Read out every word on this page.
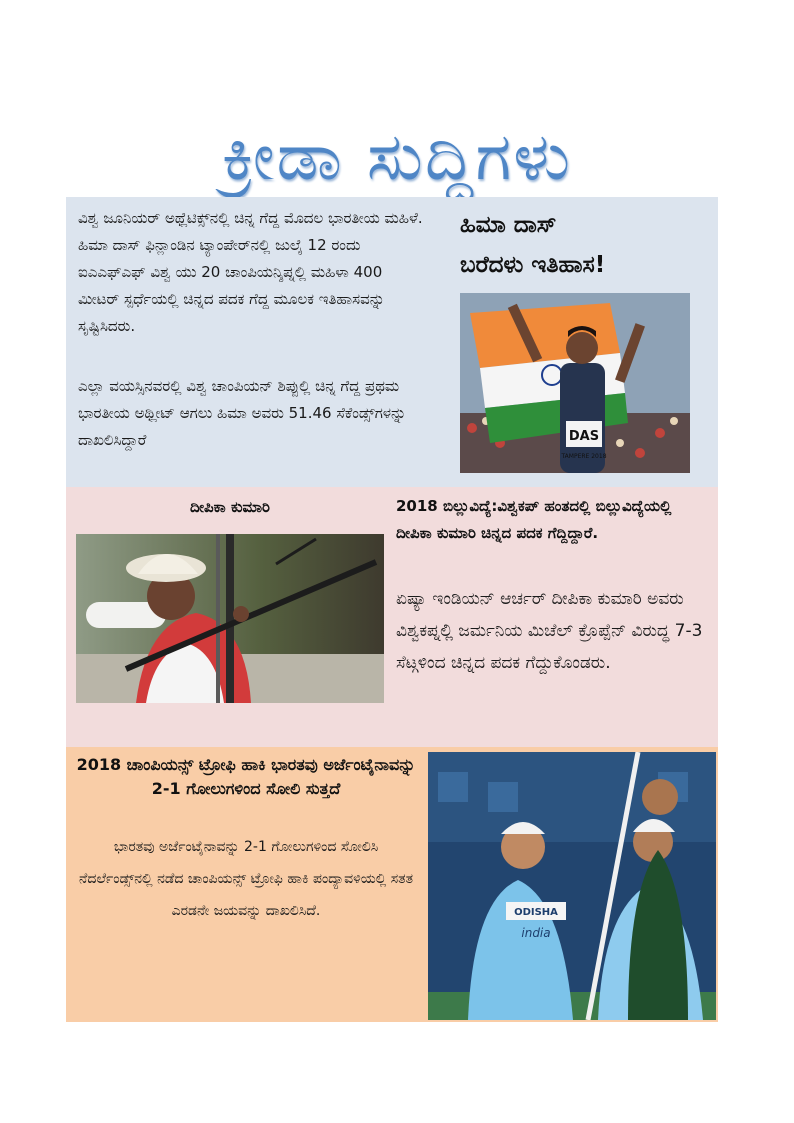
ಕ್ರೀಡಾ ಸುದ್ದಿಗಳು
ವಿಶ್ವ ಜೂನಿಯರ್ ಅಥ್ಲೆಟಿಕ್ಸ್‌ನಲ್ಲಿ ಚಿನ್ನ ಗೆದ್ದ ಮೊದಲ ಭಾರತೀಯ ಮಹಿಳೆ. ಹಿಮಾ ದಾಸ್ ಫಿನ್ಲಾಂಡಿನ ಟ್ಯಾಂಪೇರ್‌ನಲ್ಲಿ ಜುಲೈ 12 ರಂದು ಐಎಎಫ್‌ಎಫ್ ವಿಶ್ವ ಯು 20 ಚಾಂಪಿಯನ್ಶಿಪ್ನಲ್ಲಿ ಮಹಿಳಾ 400 ಮೀಟರ್ ಸ್ಪರ್ಧೆಯಲ್ಲಿ ಚಿನ್ನದ ಪದಕ ಗೆದ್ದ ಮೂಲಕ ಇತಿಹಾಸವನ್ನು ಸೃಷ್ಟಿಸಿದರು.
ಎಲ್ಲಾ ವಯಸ್ಸಿನವರಲ್ಲಿ ವಿಶ್ವ ಚಾಂಪಿಯನ್ ಶಿಪ್ಪುಲ್ಲಿ ಚಿನ್ನ ಗೆದ್ದ ಪ್ರಥಮ ಭಾರತೀಯ ಅಥ್ಲೀಟ್ ಆಗಲು ಹಿಮಾ ಅವರು 51.46 ಸೆಕೆಂಡ್ಸ್‌ಗಳನ್ನು ದಾಖಲಿಸಿದ್ದಾರೆ
ಹಿಮಾ ದಾಸ್
ಬರೆದಳು ಇತಿಹಾಸ!
DAS
TAMPERE 2018
ದೀಪಿಕಾ ಕುಮಾರಿ	2018 ಬಿಲ್ಲುವಿದ್ಯೆ:ವಿಶ್ವಕಪ್ ಹಂತದಲ್ಲಿ ಬಿಲ್ಲುವಿದ್ಯೆಯಲ್ಲಿ ದೀಪಿಕಾ ಕುಮಾರಿ ಚಿನ್ನದ ಪದಕ ಗೆದ್ದಿದ್ದಾರೆ.
ಏಷ್ಯಾ ಇಂಡಿಯನ್ ಆರ್ಚರ್ ದೀಪಿಕಾ ಕುಮಾರಿ ಅವರು ವಿಶ್ವಕಪ್ನಲ್ಲಿ ಜರ್ಮನಿಯ ಮಿಚೆಲ್ ಕ್ರೊಪ್ಪೆನ್ ವಿರುದ್ಧ 7-3 ಸೆಟ್ಗಳಿಂದ ಚಿನ್ನದ ಪದಕ ಗೆದ್ದುಕೊಂಡರು.
2018 ಚಾಂಪಿಯನ್ಸ್ ಟ್ರೋಫಿ ಹಾಕಿ ಭಾರತವು ಅರ್ಜೆಂಟೈನಾವನ್ನು 2-1 ಗೋಲುಗಳಿಂದ ಸೋಲಿ ಸುತ್ತದೆ
ಭಾರತವು ಅರ್ಜೆಂಟೈನಾವನ್ನು 2-1 ಗೋಲುಗಳಿಂದ ಸೋಲಿಸಿ ನೆದರ್ಲೆಂಡ್ಸ್‌ನಲ್ಲಿ ನಡೆದ ಚಾಂಪಿಯನ್ಸ್ ಟ್ರೋಫಿ ಹಾಕಿ ಪಂದ್ಯಾವಳಿಯಲ್ಲಿ ಸತತ ಎರಡನೇ ಜಯವನ್ನು ದಾಖಲಿಸಿದೆ.	ODISHA
india
